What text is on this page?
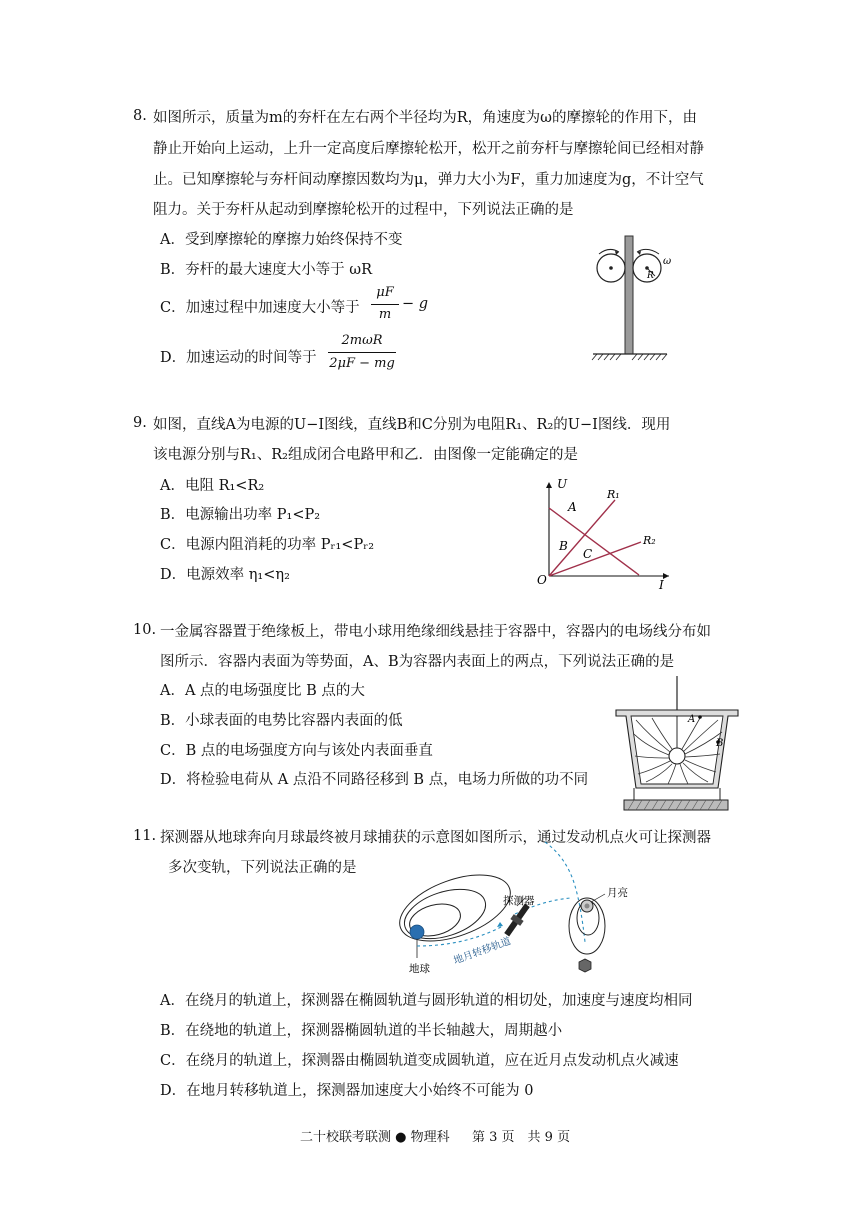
8. 如图所示，质量为m的夯杆在左右两个半径均为R，角速度为ω的摩擦轮的作用下，由
静止开始向上运动，上升一定高度后摩擦轮松开，松开之前夯杆与摩擦轮间已经相对静
止。已知摩擦轮与夯杆间动摩擦因数均为μ，弹力大小为F，重力加速度为g，不计空气
阻力。关于夯杆从起动到摩擦轮松开的过程中，下列说法正确的是
A．受到摩擦轮的摩擦力始终保持不变
B．夯杆的最大速度大小等于 ωR
C．加速过程中加速度大小等于
μF
m
− g
D．加速运动的时间等于
2mωR
2μF − mg
ω
R
9. 如图，直线A为电源的U−I图线，直线B和C分别为电阻R₁、R₂的U−I图线．现用
该电源分别与R₁、R₂组成闭合电路甲和乙．由图像一定能确定的是
A．电阻 R₁<R₂
B．电源输出功率 P₁<P₂
C．电源内阻消耗的功率 Pᵣ₁<Pᵣ₂
D．电源效率 η₁<η₂
U
I
O
A
B
C
R₁
R₂
10. 一金属容器置于绝缘板上，带电小球用绝缘细线悬挂于容器中，容器内的电场线分布如
图所示．容器内表面为等势面，A、B为容器内表面上的两点，下列说法正确的是
A．A 点的电场强度比 B 点的大
B．小球表面的电势比容器内表面的低
C．B 点的电场强度方向与该处内表面垂直
D．将检验电荷从 A 点沿不同路径移到 B 点，电场力所做的功不同
A
B
11. 探测器从地球奔向月球最终被月球捕获的示意图如图所示，通过发动机点火可让探测器
多次变轨，下列说法正确的是
地球
探测器
地月转移轨道
月亮
A．在绕月的轨道上，探测器在椭圆轨道与圆形轨道的相切处，加速度与速度均相同
B．在绕地的轨道上，探测器椭圆轨道的半长轴越大，周期越小
C．在绕月的轨道上，探测器由椭圆轨道变成圆轨道，应在近月点发动机点火减速
D．在地月转移轨道上，探测器加速度大小始终不可能为 0
二十校联考联测 ● 物理科 第 3 页　共 9 页
